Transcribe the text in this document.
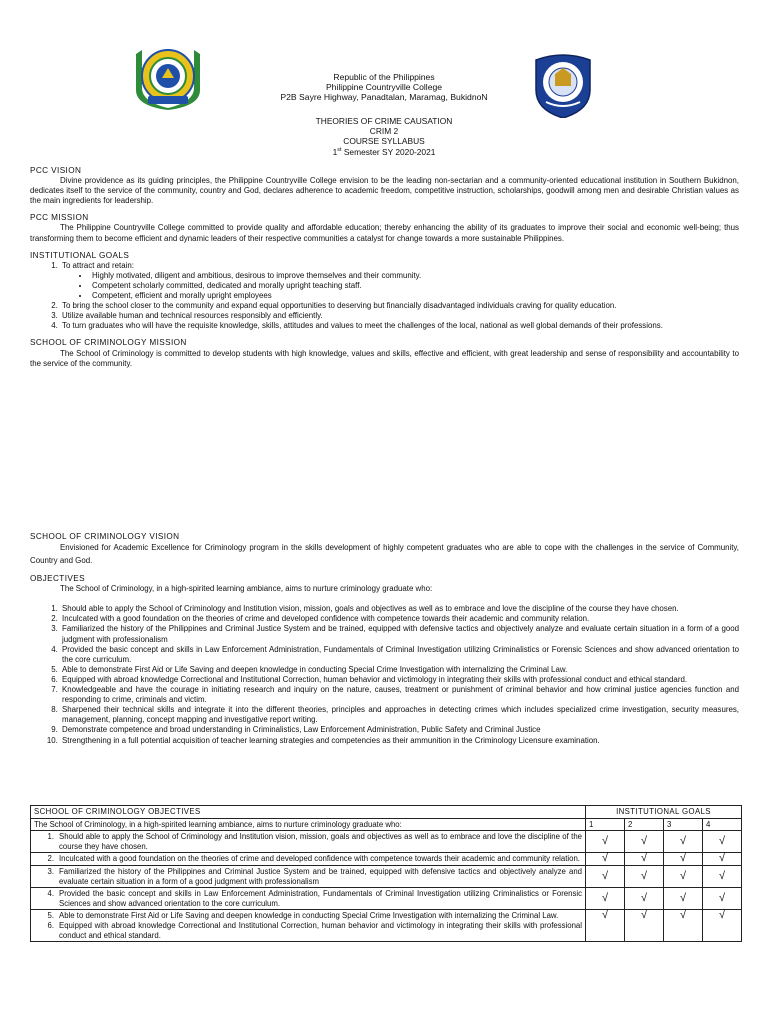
Republic of the Philippines
Philippine Countryville College
P2B Sayre Highway, Panadtalan, Maramag, BukidnoN
THEORIES OF CRIME CAUSATION
CRIM 2
COURSE SYLLABUS
1st Semester SY 2020-2021
PCC VISION
Divine providence as its guiding principles, the Philippine Countryville College envision to be the leading non-sectarian and a community-oriented educational institution in Southern Bukidnon, dedicates itself to the service of the community, country and God, declares adherence to academic freedom, competitive instruction, scholarships, goodwill among men and desirable Christian values as the main ingredients for leadership.
PCC MISSION
The Philippine Countryville College committed to provide quality and affordable education; thereby enhancing the ability of its graduates to improve their social and economic well-being; thus transforming them to become efficient and dynamic leaders of their respective communities a catalyst for change towards a more sustainable Philippines.
INSTITUTIONAL GOALS
1. To attract and retain:
• Highly motivated, diligent and ambitious, desirous to improve themselves and their community.
• Competent scholarly committed, dedicated and morally upright teaching staff.
• Competent, efficient and morally upright employees
2. To bring the school closer to the community and expand equal opportunities to deserving but financially disadvantaged individuals craving for quality education.
3. Utilize available human and technical resources responsibly and efficiently.
4. To turn graduates who will have the requisite knowledge, skills, attitudes and values to meet the challenges of the local, national as well global demands of their professions.
SCHOOL OF CRIMINOLOGY MISSION
The School of Criminology is committed to develop students with high knowledge, values and skills, effective and efficient, with great leadership and sense of responsibility and accountability to the service of the community.
SCHOOL OF CRIMINOLOGY VISION
Envisioned for Academic Excellence for Criminology program in the skills development of highly competent graduates who are able to cope with the challenges in the service of Community, Country and God.
OBJECTIVES
The School of Criminology, in a high-spirited learning ambiance, aims to nurture criminology graduate who:
1. Should able to apply the School of Criminology and Institution vision, mission, goals and objectives as well as to embrace and love the discipline of the course they have chosen.
2. Inculcated with a good foundation on the theories of crime and developed confidence with competence towards their academic and community relation.
3. Familiarized the history of the Philippines and Criminal Justice System and be trained, equipped with defensive tactics and objectively analyze and evaluate certain situation in a form of a good judgment with professionalism
4. Provided the basic concept and skills in Law Enforcement Administration, Fundamentals of Criminal Investigation utilizing Criminalistics or Forensic Sciences and show advanced orientation to the core curriculum.
5. Able to demonstrate First Aid or Life Saving and deepen knowledge in conducting Special Crime Investigation with internalizing the Criminal Law.
6. Equipped with abroad knowledge Correctional and Institutional Correction, human behavior and victimology in integrating their skills with professional conduct and ethical standard.
7. Knowledgeable and have the courage in initiating research and inquiry on the nature, causes, treatment or punishment of criminal behavior and how criminal justice agencies function and responding to crime, criminals and victim.
8. Sharpened their technical skills and integrate it into the different theories, principles and approaches in detecting crimes which includes specialized crime investigation, security measures, management, planning, concept mapping and investigative report writing.
9. Demonstrate competence and broad understanding in Criminalistics, Law Enforcement Administration, Public Safety and Criminal Justice
10. Strengthening in a full potential acquisition of teacher learning strategies and competencies as their ammunition in the Criminology Licensure examination.
SCHOOL OF CRIMINOLOGY OBJECTIVES	INSTITUTIONAL GOALS			
The School of Criminology, in a high-spirited learning ambiance, aims to nurture criminology graduate who:	1	2	3	4

1. Should able to apply the School of Criminology and Institution vision, mission, goals and objectives as well as to embrace and love the discipline of the course they have chosen.	√	√	√	√

2. Inculcated with a good foundation on the theories of crime and developed confidence with competence towards their academic and community relation.	√	√	√	√

3. Familiarized the history of the Philippines and Criminal Justice System and be trained, equipped with defensive tactics and objectively analyze and evaluate certain situation in a form of a good judgment with professionalism	√	√	√	√

4. Provided the basic concept and skills in Law Enforcement Administration, Fundamentals of Criminal Investigation utilizing Criminalistics or Forensic Sciences and show advanced orientation to the core curriculum.	√	√	√	√

5. Able to demonstrate First Aid or Life Saving and deepen knowledge in conducting Special Crime Investigation with internalizing the Criminal Law.
6. Equipped with abroad knowledge Correctional and Institutional Correction, human behavior and victimology in integrating their skills with professional conduct and ethical standard.	√	√	√	√
